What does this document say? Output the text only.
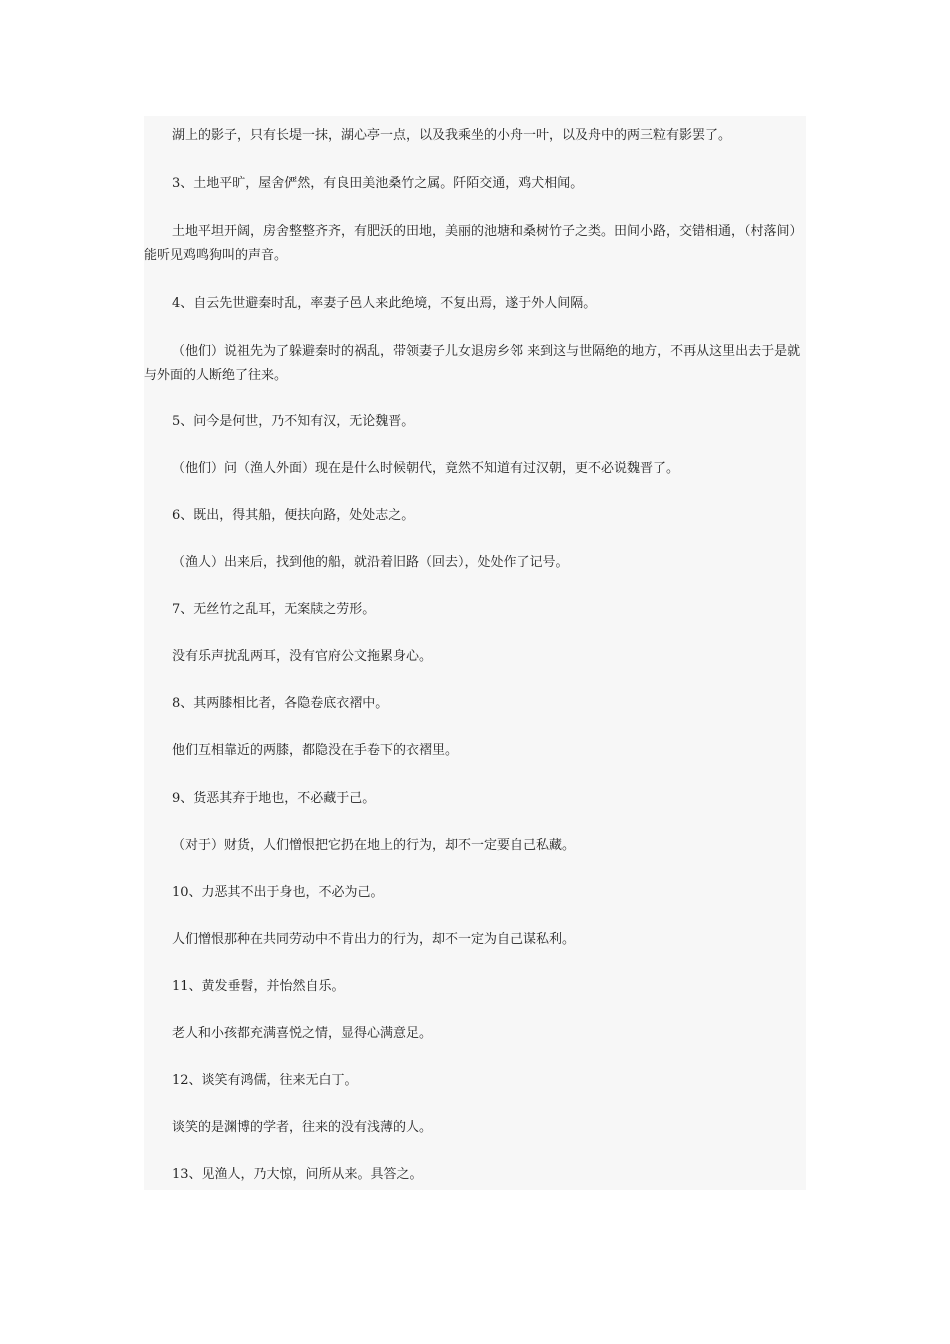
湖上的影子，只有长堤一抹，湖心亭一点，以及我乘坐的小舟一叶，以及舟中的两三粒有影罢了。

3、土地平旷，屋舍俨然，有良田美池桑竹之属。阡陌交通，鸡犬相闻。

土地平坦开阔，房舍整整齐齐，有肥沃的田地，美丽的池塘和桑树竹子之类。田间小路，交错相通，（村落间）能听见鸡鸣狗叫的声音。

4、自云先世避秦时乱，率妻子邑人来此绝境，不复出焉，遂于外人间隔。

（他们）说祖先为了躲避秦时的祸乱，带领妻子儿女退房乡邻 来到这与世隔绝的地方，不再从这里出去于是就与外面的人断绝了往来。

5、问今是何世，乃不知有汉，无论魏晋。

（他们）问（渔人外面）现在是什么时候朝代，竟然不知道有过汉朝，更不必说魏晋了。

6、既出，得其船，便扶向路，处处志之。

（渔人）出来后，找到他的船，就沿着旧路（回去），处处作了记号。

7、无丝竹之乱耳，无案牍之劳形。

没有乐声扰乱两耳，没有官府公文拖累身心。

8、其两膝相比者，各隐卷底衣褶中。

他们互相靠近的两膝，都隐没在手卷下的衣褶里。

9、货恶其弃于地也，不必藏于己。

（对于）财货，人们憎恨把它扔在地上的行为，却不一定要自己私藏。

10、力恶其不出于身也，不必为己。

人们憎恨那种在共同劳动中不肯出力的行为，却不一定为自己谋私利。

11、黄发垂髫，并怡然自乐。

老人和小孩都充满喜悦之情，显得心满意足。

12、谈笑有鸿儒，往来无白丁。

谈笑的是渊博的学者，往来的没有浅薄的人。

13、见渔人，乃大惊，问所从来。具答之。
